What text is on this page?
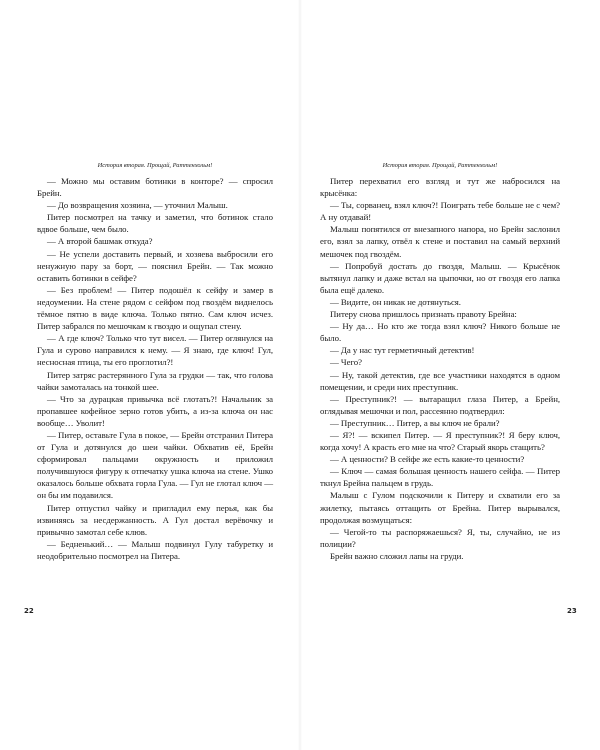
История вторая. Прощай, Раттенхольм!

— Можно мы оставим ботинки в конторе? — спросил Брейн.

— До возвращения хозяина, — уточнил Малыш.

Питер посмотрел на тачку и заметил, что ботинок стало вдвое больше, чем было.

— А второй башмак откуда?

— Не успели доставить первый, и хозяева выбросили его ненужную пару за борт, — пояснил Брейн. — Так можно оставить ботинки в сейфе?

— Без проблем! — Питер подошёл к сейфу и замер в недоумении. На стене рядом с сейфом под гвоздём виднелось тёмное пятно в виде ключа. Только пятно. Сам ключ исчез. Питер забрался по мешочкам к гвоздю и ощупал стену.

— А где ключ? Только что тут висел. — Питер оглянулся на Гула и сурово направился к нему. — Я знаю, где ключ! Гул, несносная птица, ты его проглотил?!

Питер затряс растерянного Гула за грудки — так, что голова чайки замоталась на тонкой шее.

— Что за дурацкая привычка всё глотать?! Начальник за пропавшее кофейное зерно готов убить, а из-за ключа он нас вообще… Уволит!

— Питер, оставьте Гула в покое, — Брейн отстранил Питера от Гула и дотянулся до шеи чайки. Обхватив её, Брейн сформировал пальцами окружность и приложил получившуюся фигуру к отпечатку ушка ключа на стене. Ушко оказалось больше обхвата горла Гула. — Гул не глотал ключ — он бы им подавился.

Питер отпустил чайку и пригладил ему перья, как бы извиняясь за несдержанность. А Гул достал верёвочку и привычно замотал себе клюв.

— Бедненький… — Малыш подвинул Гулу табуретку и неодобрительно посмотрел на Питера.

История вторая. Прощай, Раттенхольм!

Питер перехватил его взгляд и тут же набросился на крысёнка:

— Ты, сорванец, взял ключ?! Поиграть тебе больше не с чем? А ну отдавай!

Малыш попятился от внезапного напора, но Брейн заслонил его, взял за лапку, отвёл к стене и поставил на самый верхний мешочек под гвоздём.

— Попробуй достать до гвоздя, Малыш. — Крысёнок вытянул лапку и даже встал на цыпочки, но от гвоздя его лапка была ещё далеко.

— Видите, он никак не дотянуться.

Питеру снова пришлось признать правоту Брейна:

— Ну да… Но кто же тогда взял ключ? Никого больше не было.

— Да у нас тут герметичный детектив!

— Чего?

— Ну, такой детектив, где все участники находятся в одном помещении, и среди них преступник.

— Преступник?! — вытаращил глаза Питер, а Брейн, оглядывая мешочки и пол, рассеянно подтвердил:

— Преступник… Питер, а вы ключ не брали?

— Я?! — вскипел Питер. — Я преступник?! Я беру ключ, когда хочу! А красть его мне на что? Старый якорь стащить?

— А ценности? В сейфе же есть какие-то ценности?

— Ключ — самая большая ценность нашего сейфа. — Питер ткнул Брейна пальцем в грудь.

Малыш с Гулом подскочили к Питеру и схватили его за жилетку, пытаясь оттащить от Брейна. Питер вырывался, продолжая возмущаться:

— Чегой-то ты распоряжаешься? Я, ты, случайно, не из полиции?

Брейн важно сложил лапы на груди.

22	23
